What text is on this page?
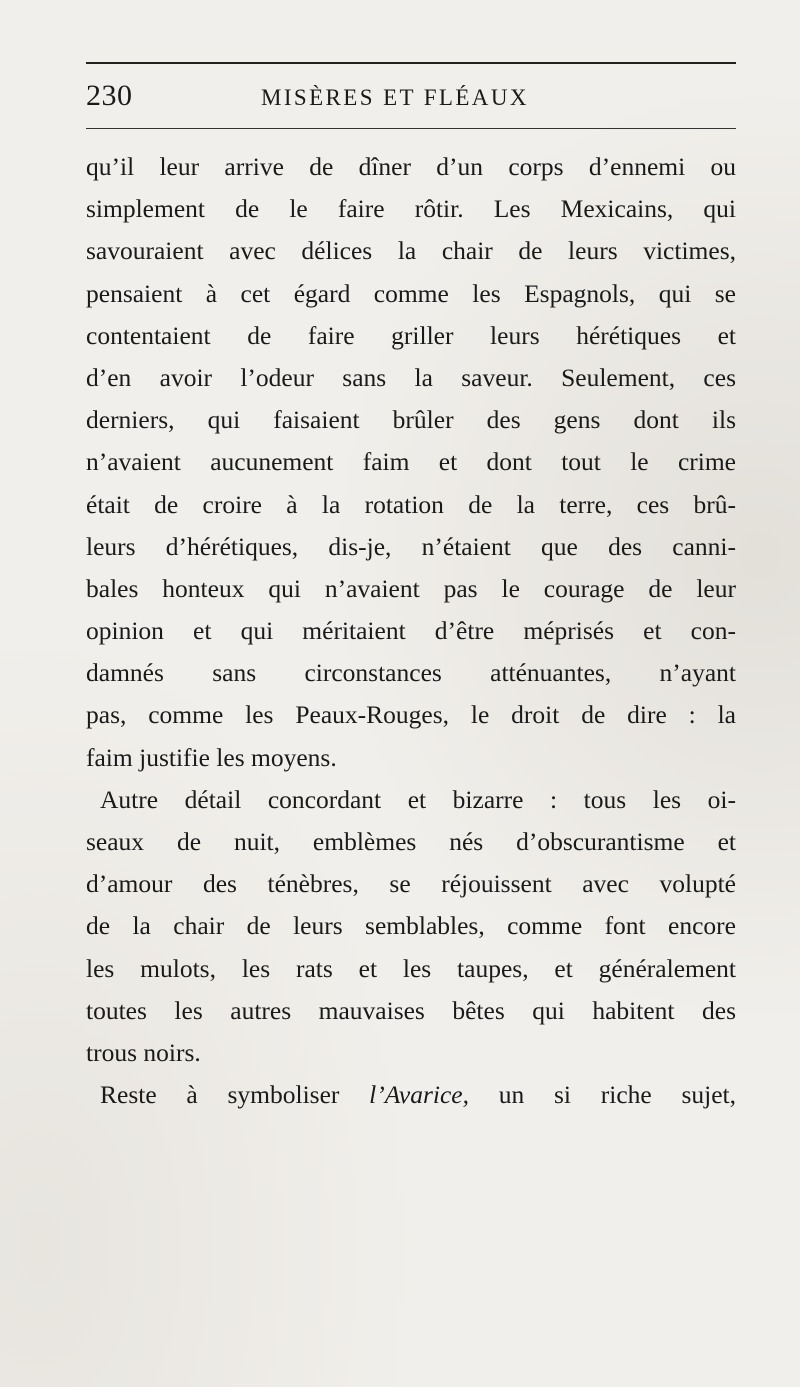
230	MISÈRES ET FLÉAUX
qu’il leur arrive de dîner d’un corps d’ennemi ou
simplement de le faire rôtir. Les Mexicains, qui
savouraient avec délices la chair de leurs victimes,
pensaient à cet égard comme les Espagnols, qui se
contentaient de faire griller leurs hérétiques et
d’en avoir l’odeur sans la saveur. Seulement, ces
derniers, qui faisaient brûler des gens dont ils
n’avaient aucunement faim et dont tout le crime
était de croire à la rotation de la terre, ces brû-
leurs d’hérétiques, dis-je, n’étaient que des canni-
bales honteux qui n’avaient pas le courage de leur
opinion et qui méritaient d’être méprisés et con-
damnés sans circonstances atténuantes, n’ayant
pas, comme les Peaux-Rouges, le droit de dire : la
faim justifie les moyens.
Autre détail concordant et bizarre : tous les oi-
seaux de nuit, emblèmes nés d’obscurantisme et
d’amour des ténèbres, se réjouissent avec volupté
de la chair de leurs semblables, comme font encore
les mulots, les rats et les taupes, et généralement
toutes les autres mauvaises bêtes qui habitent des
trous noirs.
Reste à symboliser l’Avarice, un si riche sujet,
